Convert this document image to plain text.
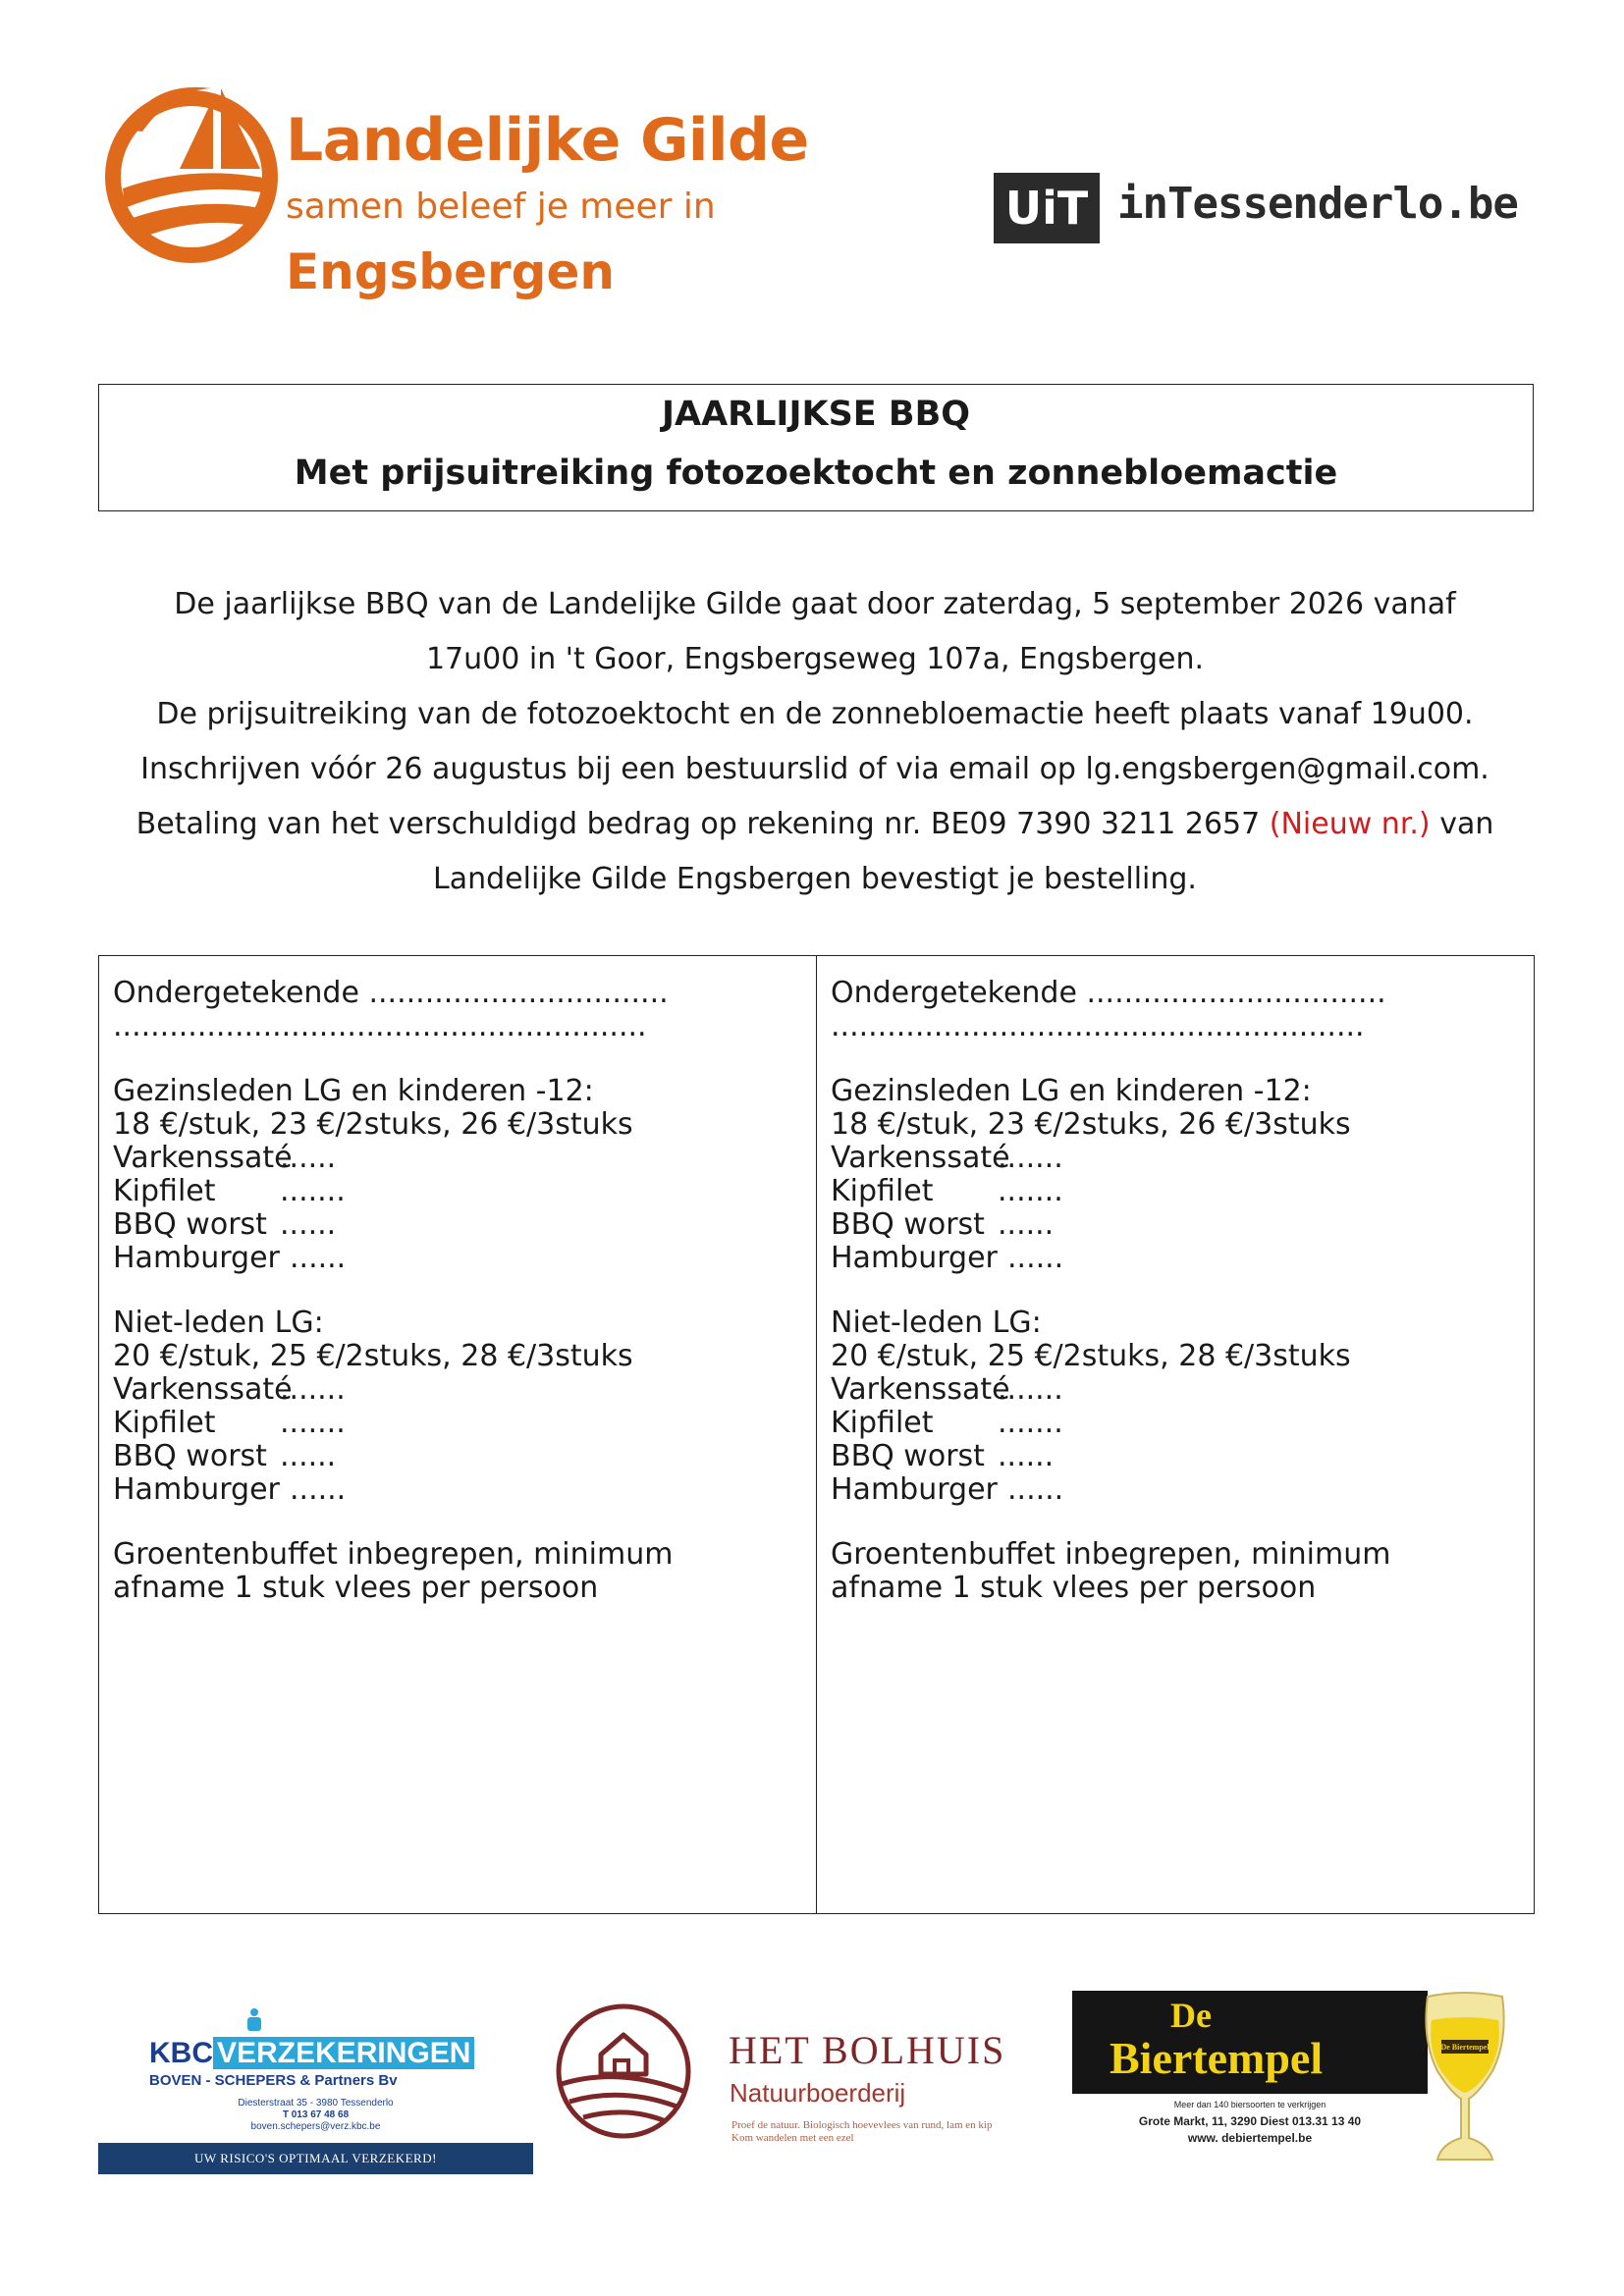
Landelijke Gilde
samen beleef je meer in
Engsbergen
UiT inTessenderlo.be
JAARLIJKSE BBQ
Met prijsuitreiking fotozoektocht en zonnebloemactie

De jaarlijkse BBQ van de Landelijke Gilde gaat door zaterdag, 5 september 2026 vanaf

17u00 in 't Goor, Engsbergseweg 107a, Engsbergen.

De prijsuitreiking van de fotozoektocht en de zonnebloemactie heeft plaats vanaf 19u00.

Inschrijven vóór 26 augustus bij een bestuurslid of via email op lg.engsbergen@gmail.com.

Betaling van het verschuldigd bedrag op rekening nr. BE09 7390 3211 2657 (Nieuw nr.) van

Landelijke Gilde Engsbergen bevestigt je bestelling.

Ondergetekende ................................
.........................................................
Gezinsleden LG en kinderen -12:
18 €/stuk, 23 €/2stuks, 26 €/3stuks
Varkenssaté
......
Kipfilet .......
BBQ worst ......
Hamburger ......
Niet-leden LG:
20 €/stuk, 25 €/2stuks, 28 €/3stuks
Varkenssaté
.......
Kipfilet .......
BBQ worst ......
Hamburger ......
Groentenbuffet inbegrepen, minimum
afname 1 stuk vlees per persoon
Ondergetekende ................................
.........................................................
Gezinsleden LG en kinderen -12:
18 €/stuk, 23 €/2stuks, 26 €/3stuks
Varkenssaté
.......
Kipfilet .......
BBQ worst ......
Hamburger ......
Niet-leden LG:
20 €/stuk, 25 €/2stuks, 28 €/3stuks
Varkenssaté
.......
Kipfilet .......
BBQ worst ......
Hamburger ......
Groentenbuffet inbegrepen, minimum
afname 1 stuk vlees per persoon
KBC VERZEKERINGEN
BOVEN - SCHEPERS & Partners Bv
Diesterstraat 35 - 3980 Tessenderlo
T 013 67 48 68
boven.schepers@verz.kbc.be
UW RISICO'S OPTIMAAL VERZEKERD!
HET BOLHUIS
Natuurboerderij
Proef de natuur. Biologisch hoevevlees van rund, lam en kip
Kom wandelen met een ezel
De
Biertempel
Meer dan 140 biersoorten te verkrijgen
Grote Markt, 11, 3290 Diest 013.31 13 40
www. debiertempel.be
De Biertempel
